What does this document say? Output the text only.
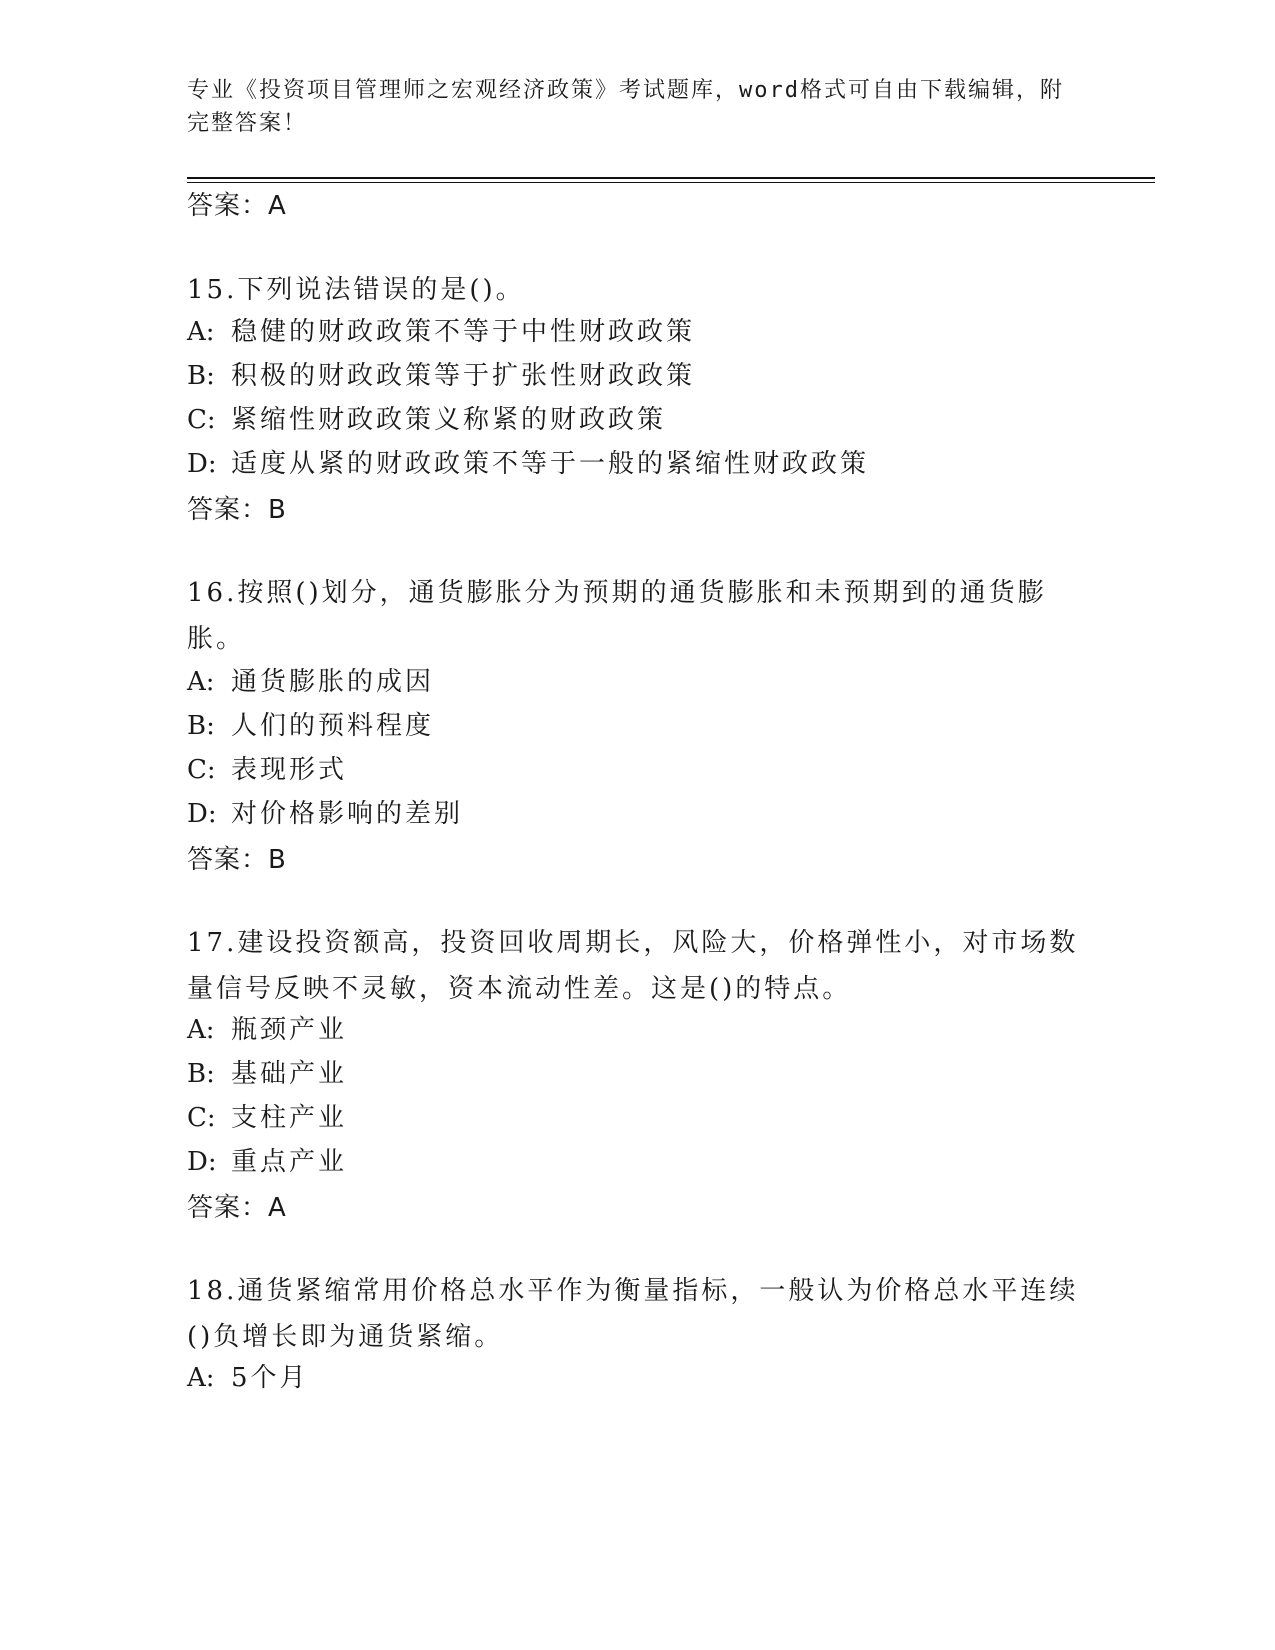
专业《投资项目管理师之宏观经济政策》考试题库，word格式可自由下载编辑，附完整答案！
答案：A
15.下列说法错误的是()。
A: 稳健的财政政策不等于中性财政政策
B: 积极的财政政策等于扩张性财政政策
C: 紧缩性财政政策义称紧的财政政策
D: 适度从紧的财政政策不等于一般的紧缩性财政政策
答案：B
16.按照()划分，通货膨胀分为预期的通货膨胀和未预期到的通货膨胀。
A: 通货膨胀的成因
B: 人们的预料程度
C: 表现形式
D: 对价格影响的差别
答案：B
17.建设投资额高，投资回收周期长，风险大，价格弹性小，对市场数量信号反映不灵敏，资本流动性差。这是()的特点。
A: 瓶颈产业
B: 基础产业
C: 支柱产业
D: 重点产业
答案：A
18.通货紧缩常用价格总水平作为衡量指标，一般认为价格总水平连续()负增长即为通货紧缩。
A: 5个月
